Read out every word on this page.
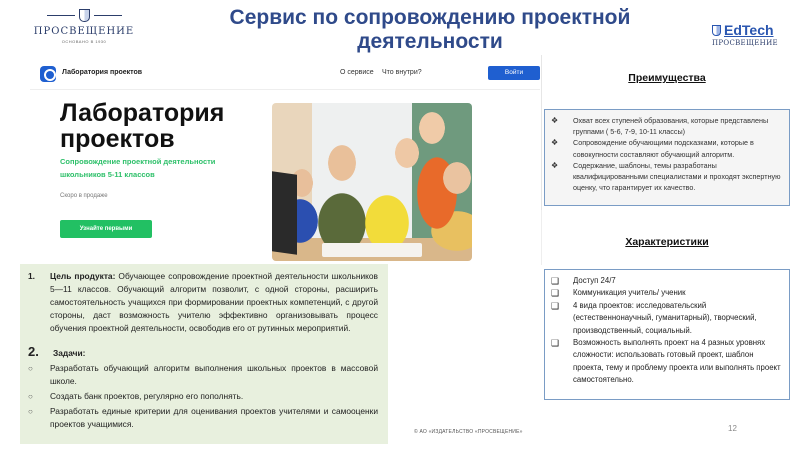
ПРОСВЕЩЕНИЕ
ОСНОВАНО В 1930
Сервис по сопровождению проектной деятельности	EdTech
ПРОСВЕЩЕНИЕ
Лаборатория проектов	О сервисе Что внутри?	Войти
Лаборатория
проектов
Сопровождение проектной деятельности школьников 5-11 классов
Скоро в продаже
Узнайте первыми
1.	Цель продукта: Обучающее сопровождение проектной деятельности школьников 5—11 классов. Обучающий алгоритм позволит, с одной стороны, расширить самостоятельность учащихся при формировании проектных компетенций, с другой стороны, даст возможность учителю эффективно организовывать процесс обучения проектной деятельности, освободив его от рутинных мероприятий.
2.	Задачи:
○	Разработать обучающий алгоритм выполнения школьных проектов в массовой школе.
○	Создать банк проектов, регулярно его пополнять.
○	Разработать единые критерии для оценивания проектов учителями и самооценки проектов учащимися.
Преимущества
❖	Охват всех ступеней образования, которые представлены группами ( 5-6, 7-9, 10-11 классы)
❖	Сопровождение обучающими подсказками, которые в совокупности составляют обучающий алгоритм.
❖	Содержание, шаблоны, темы разработаны квалифицированными специалистами и проходят экспертную оценку, что гарантирует их качество.
Характеристики
❑	Доступ 24/7
❑	Коммуникация учитель/ ученик
❑	4 вида проектов: исследовательский (естественнонаучный, гуманитарный), творческий, производственный, социальный.
❑	Возможность выполнять проект на 4 разных уровнях сложности: использовать готовый проект, шаблон проекта, тему и проблему проекта или выполнять проект самостоятельно.
© АО «ИЗДАТЕЛЬСТВО «ПРОСВЕЩЕНИЕ»	12
